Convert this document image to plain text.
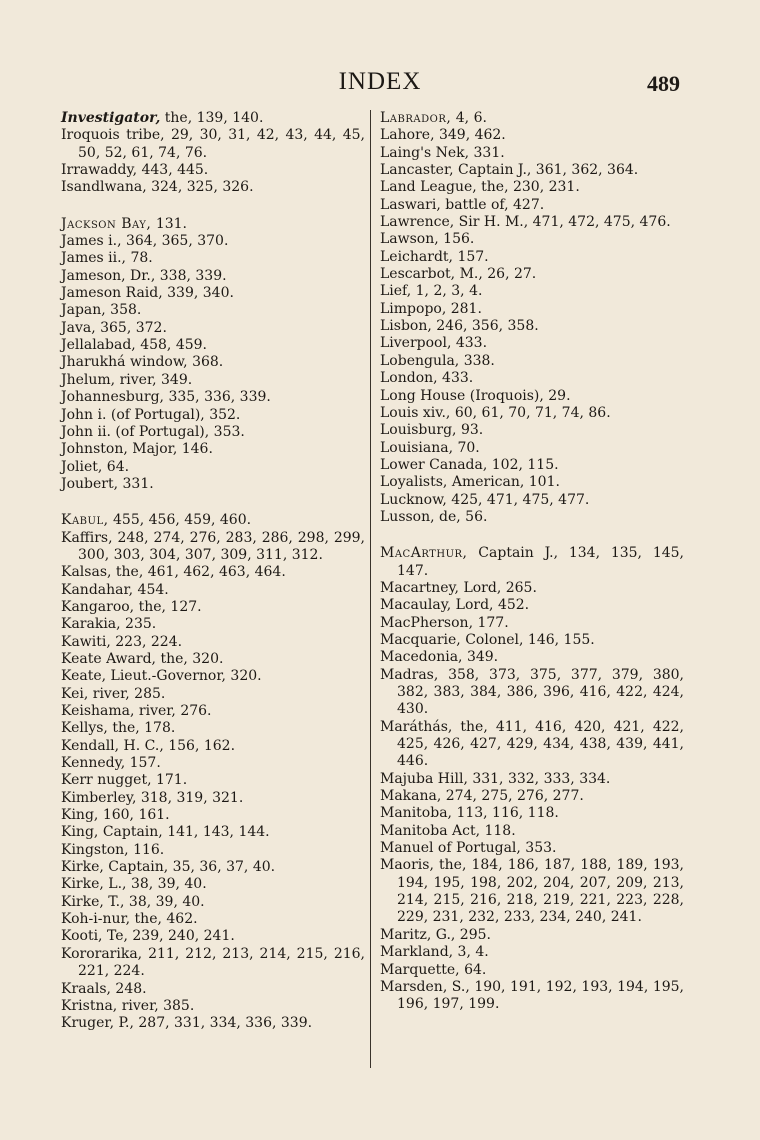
INDEX	489

Investigator, the, 139, 140.

Iroquois tribe, 29, 30, 31, 42, 43, 44, 45, 50, 52, 61, 74, 76.

Irrawaddy, 443, 445.

Isandlwana, 324, 325, 326.

Jackson Bay, 131.

James i., 364, 365, 370.

James ii., 78.

Jameson, Dr., 338, 339.

Jameson Raid, 339, 340.

Japan, 358.

Java, 365, 372.

Jellalabad, 458, 459.

Jharukhá window, 368.

Jhelum, river, 349.

Johannesburg, 335, 336, 339.

John i. (of Portugal), 352.

John ii. (of Portugal), 353.

Johnston, Major, 146.

Joliet, 64.

Joubert, 331.

Kabul, 455, 456, 459, 460.

Kaffirs, 248, 274, 276, 283, 286, 298, 299, 300, 303, 304, 307, 309, 311, 312.

Kalsas, the, 461, 462, 463, 464.

Kandahar, 454.

Kangaroo, the, 127.

Karakia, 235.

Kawiti, 223, 224.

Keate Award, the, 320.

Keate, Lieut.-Governor, 320.

Kei, river, 285.

Keishama, river, 276.

Kellys, the, 178.

Kendall, H. C., 156, 162.

Kennedy, 157.

Kerr nugget, 171.

Kimberley, 318, 319, 321.

King, 160, 161.

King, Captain, 141, 143, 144.

Kingston, 116.

Kirke, Captain, 35, 36, 37, 40.

Kirke, L., 38, 39, 40.

Kirke, T., 38, 39, 40.

Koh-i-nur, the, 462.

Kooti, Te, 239, 240, 241.

Kororarika, 211, 212, 213, 214, 215, 216, 221, 224.

Kraals, 248.

Kristna, river, 385.

Kruger, P., 287, 331, 334, 336, 339.

Labrador, 4, 6.

Lahore, 349, 462.

Laing's Nek, 331.

Lancaster, Captain J., 361, 362, 364.

Land League, the, 230, 231.

Laswari, battle of, 427.

Lawrence, Sir H. M., 471, 472, 475, 476.

Lawson, 156.

Leichardt, 157.

Lescarbot, M., 26, 27.

Lief, 1, 2, 3, 4.

Limpopo, 281.

Lisbon, 246, 356, 358.

Liverpool, 433.

Lobengula, 338.

London, 433.

Long House (Iroquois), 29.

Louis xiv., 60, 61, 70, 71, 74, 86.

Louisburg, 93.

Louisiana, 70.

Lower Canada, 102, 115.

Loyalists, American, 101.

Lucknow, 425, 471, 475, 477.

Lusson, de, 56.

MacArthur, Captain J., 134, 135, 145, 147.

Macartney, Lord, 265.

Macaulay, Lord, 452.

MacPherson, 177.

Macquarie, Colonel, 146, 155.

Macedonia, 349.

Madras, 358, 373, 375, 377, 379, 380, 382, 383, 384, 386, 396, 416, 422, 424, 430.

Maráthás, the, 411, 416, 420, 421, 422, 425, 426, 427, 429, 434, 438, 439, 441, 446.

Majuba Hill, 331, 332, 333, 334.

Makana, 274, 275, 276, 277.

Manitoba, 113, 116, 118.

Manitoba Act, 118.

Manuel of Portugal, 353.

Maoris, the, 184, 186, 187, 188, 189, 193, 194, 195, 198, 202, 204, 207, 209, 213, 214, 215, 216, 218, 219, 221, 223, 228, 229, 231, 232, 233, 234, 240, 241.

Maritz, G., 295.

Markland, 3, 4.

Marquette, 64.

Marsden, S., 190, 191, 192, 193, 194, 195, 196, 197, 199.
